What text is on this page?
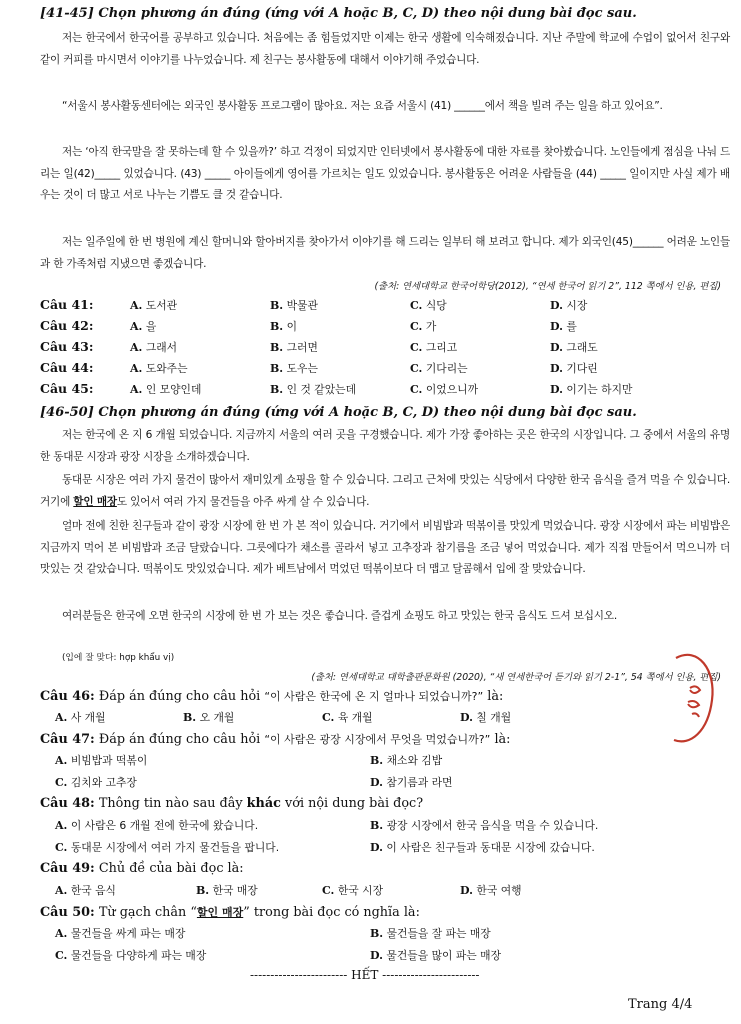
[41-45] Chọn phương án đúng (ứng với A hoặc B, C, D) theo nội dung bài đọc sau.
저는 한국에서 한국어를 공부하고 있습니다. 처음에는 좀 힘들었지만 이제는 한국 생활에 익숙해졌습니다. 지난 주말에 학교에 수업이 없어서 친구와 같이 커피를 마시면서 이야기를 나누었습니다. 제 친구는 봉사활동에 대해서 이야기해 주었습니다.
“서울시 봉사활동센터에는 외국인 봉사활동 프로그램이 많아요. 저는 요즘 서울시 (41) ______에서 책을 빌려 주는 일을 하고 있어요”.
저는 ‘아직 한국말을 잘 못하는데 할 수 있을까?’ 하고 걱정이 되었지만 인터넷에서 봉사활동에 대한 자료를 찾아봤습니다. 노인들에게 점심을 나눠 드리는 일(42)_____ 있었습니다. (43) _____ 아이들에게 영어를 가르치는 일도 있었습니다. 봉사활동은 어려운 사람들을 (44) _____ 일이지만 사실 제가 배우는 것이 더 많고 서로 나누는 기쁨도 클 것 같습니다.
저는 일주일에 한 번 병원에 계신 할머니와 할아버지를 찾아가서 이야기를 해 드리는 일부터 해 보려고 합니다. 제가 외국인(45)______ 어려운 노인들과 한 가족처럼 지냈으면 좋겠습니다.
(출처: 연세대학교 한국어학당(2012), “연세 한국어 읽기 2”, 112 쪽에서 인용, 편집)
Câu 41:	A. 도서관	B. 박물관	C. 식당	D. 시장
Câu 42:	A. 을	B. 이	C. 가	D. 를
Câu 43:	A. 그래서	B. 그러면	C. 그리고	D. 그래도
Câu 44:	A. 도와주는	B. 도우는	C. 기다리는	D. 기다린
Câu 45:	A. 인 모양인데	B. 인 것 같았는데	C. 이었으니까	D. 이기는 하지만
[46-50] Chọn phương án đúng (ứng với A hoặc B, C, D) theo nội dung bài đọc sau.
저는 한국에 온 지 6 개월 되었습니다. 지금까지 서울의 여러 곳을 구경했습니다. 제가 가장 좋아하는 곳은 한국의 시장입니다. 그 중에서 서울의 유명한 동대문 시장과 광장 시장을 소개하겠습니다.
동대문 시장은 여러 가지 물건이 많아서 재미있게 쇼핑을 할 수 있습니다. 그리고 근처에 맛있는 식당에서 다양한 한국 음식을 즐겨 먹을 수 있습니다. 거기에 할인 매장도 있어서 여러 가지 물건들을 아주 싸게 살 수 있습니다.
얼마 전에 친한 친구들과 같이 광장 시장에 한 번 가 본 적이 있습니다. 거기에서 비빔밥과 떡볶이를 맛있게 먹었습니다. 광장 시장에서 파는 비빔밥은 지금까지 먹어 본 비빔밥과 조금 달랐습니다. 그릇에다가 채소를 골라서 넣고 고추장과 참기름을 조금 넣어 먹었습니다. 제가 직접 만들어서 먹으니까 더 맛있는 것 같았습니다. 떡볶이도 맛있었습니다. 제가 베트남에서 먹었던 떡볶이보다 더 맵고 달콤해서 입에 잘 맞았습니다.
여러분들은 한국에 오면 한국의 시장에 한 번 가 보는 것은 좋습니다. 즐겁게 쇼핑도 하고 맛있는 한국 음식도 드셔 보십시오.
(입에 잘 맞다: hợp khẩu vị)
(출처: 연세대학교 대학출판문화원 (2020), “새 연세한국어 듣기와 읽기 2-1”, 54 쪽에서 인용, 편집)
Câu 46: Đáp án đúng cho câu hỏi “이 사람은 한국에 온 지 얼마나 되었습니까?” là:
A. 사 개월	B. 오 개월	C. 육 개월	D. 칠 개월
Câu 47: Đáp án đúng cho câu hỏi “이 사람은 광장 시장에서 무엇을 먹었습니까?” là:
A. 비빔밥과 떡볶이	B. 채소와 김밥
C. 김치와 고추장	D. 참기름과 라면
Câu 48: Thông tin nào sau đây khác với nội dung bài đọc?
A. 이 사람은 6 개월 전에 한국에 왔습니다.	B. 광장 시장에서 한국 음식을 먹을 수 있습니다.
C. 동대문 시장에서 여러 가지 물건들을 팝니다.	D. 이 사람은 친구들과 동대문 시장에 갔습니다.
Câu 49: Chủ đề của bài đọc là:
A. 한국 음식	B. 한국 매장	C. 한국 시장	D. 한국 여행
Câu 50: Từ gạch chân “할인 매장” trong bài đọc có nghĩa là:
A. 물건들을 싸게 파는 매장	B. 물건들을 잘 파는 매장
C. 물건들을 다양하게 파는 매장	D. 물건들을 많이 파는 매장
------------------------ HẾT ------------------------
Trang 4/4
